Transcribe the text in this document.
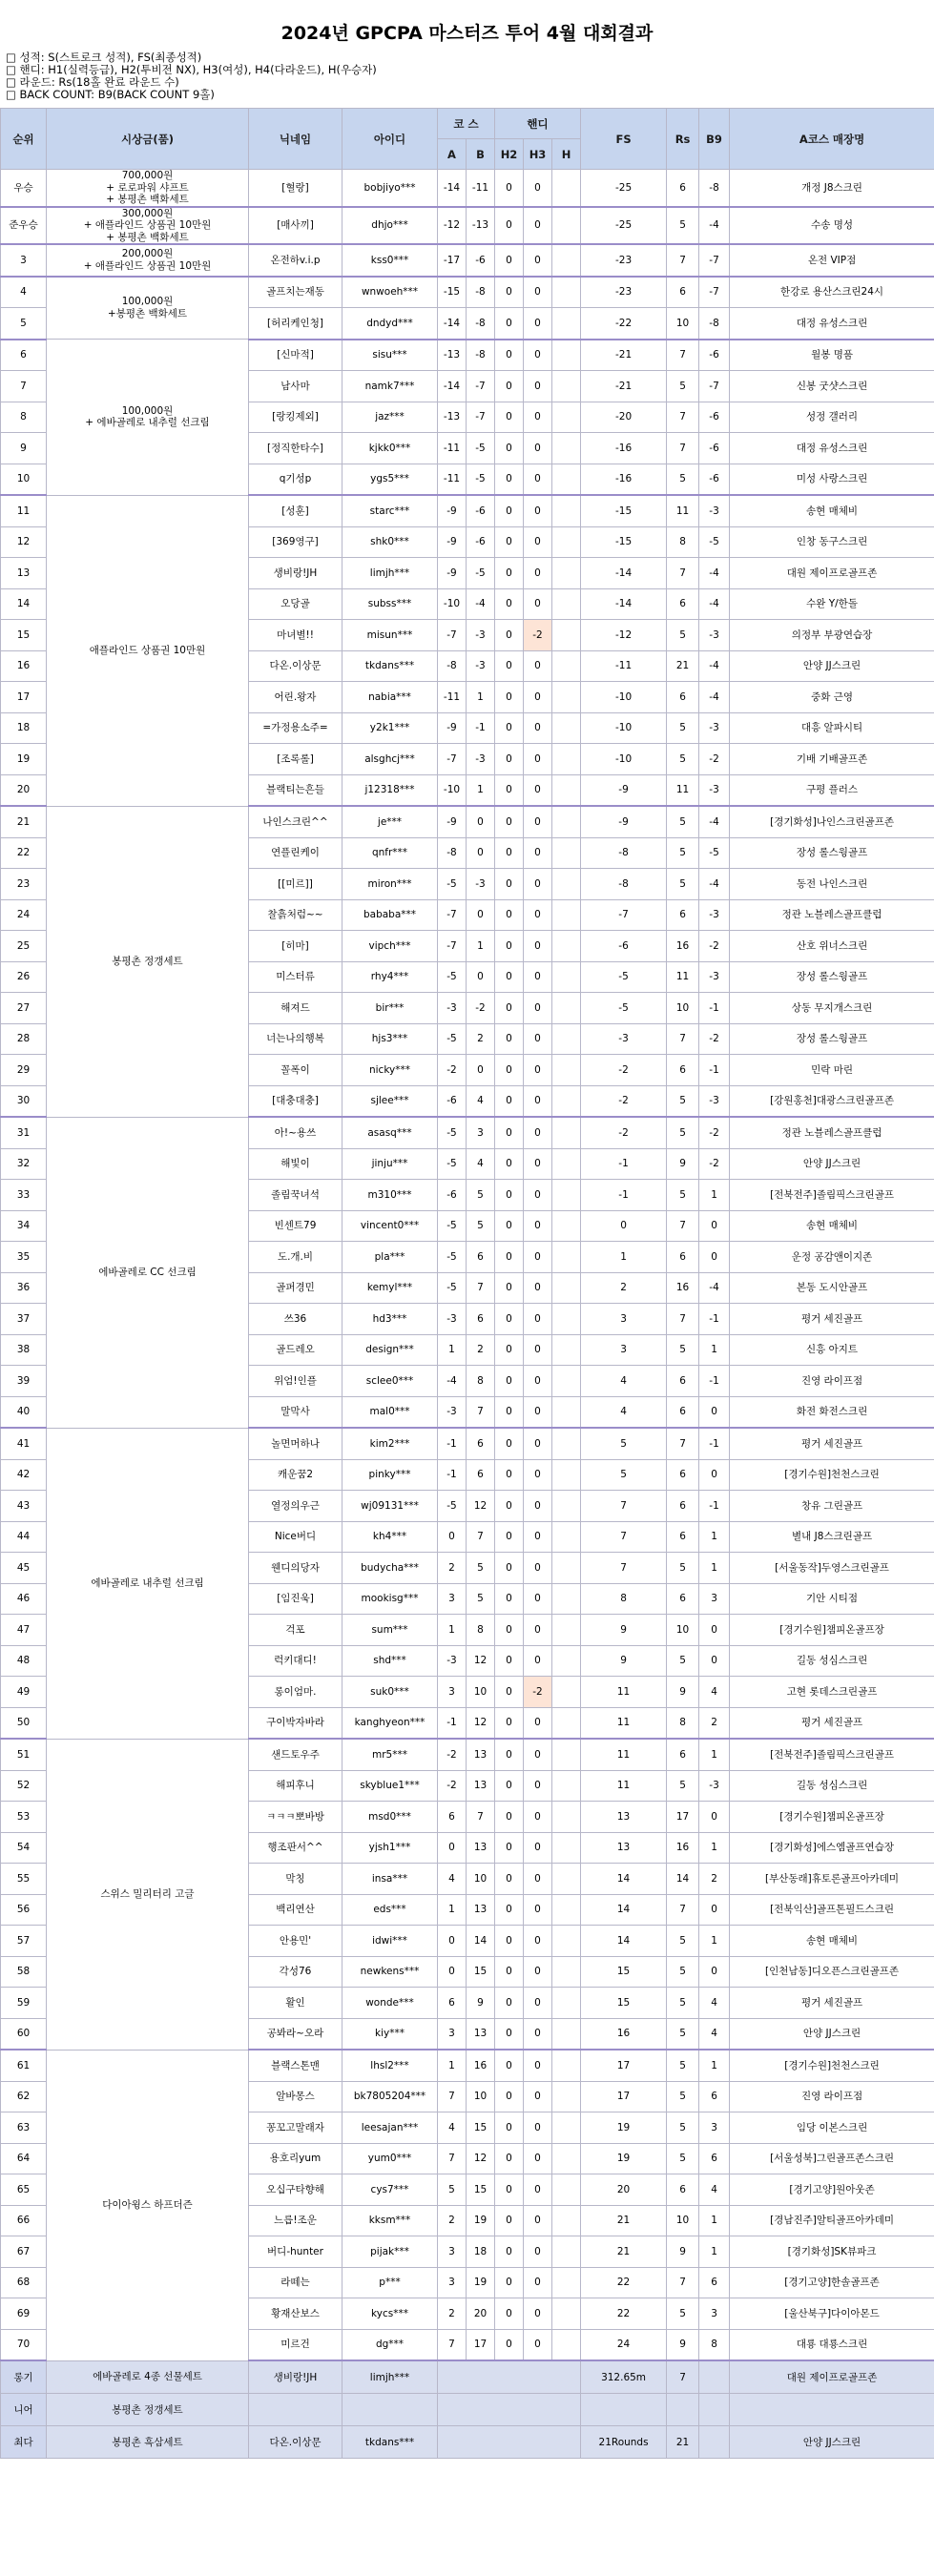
2024년 GPCPA 마스터즈 투어 4월 대회결과
□ 성적: S(스트로크 성적), FS(최종성적)
□ 핸디: H1(실력등급), H2(투비전 NX), H3(여성), H4(다라운드), H(우승자)
□ 라운드: Rs(18홀 완료 라운드 수)
□ BACK COUNT: B9(BACK COUNT 9홀)
순위	시상금(품)	닉네임	아이디	코 스		핸디			FS	Rs	B9	A코스 매장명
				A	B	H2	H3	H				
우승	700,000원
+ 로로파워 샤프트
+ 봉평촌 백화세트	[혈랑]	bobjiyo***	-14	-11	0	0		-25	6	-8	개정 J8스크린
준우승	300,000원
+ 애플라인드 상품권 10만원
+ 봉평촌 백화세트	[매사끼]	dhjo***	-12	-13	0	0		-25	5	-4	수송 명성
3	200,000원
+ 애플라인드 상품권 10만원	온전하v.i.p	kss0***	-17	-6	0	0		-23	7	-7	온전 VIP점
4	100,000원
+봉평촌 백화세트	골프치는재동	wnwoeh***	-15	-8	0	0		-23	6	-7	한강로 용산스크린24시
5		[허리케인청]	dndyd***	-14	-8	0	0		-22	10	-8	대정 유성스크린
6	100,000원
+ 에바골레로 내추럴 선크림	[신마적]	sisu***	-13	-8	0	0		-21	7	-6	월봉 명품
7		남사마	namk7***	-14	-7	0	0		-21	5	-7	신봉 굿샷스크린
8		[랑킹제외]	jaz***	-13	-7	0	0		-20	7	-6	성정 갤러리
9		[정직한타수]	kjkk0***	-11	-5	0	0		-16	7	-6	대정 유성스크린
10		q기성p	ygs5***	-11	-5	0	0		-16	5	-6	미성 사랑스크린
11	애플라인드 상품권 10만원	[성훈]	starc***	-9	-6	0	0		-15	11	-3	송현 매체비
12		[369영구]	shk0***	-9	-6	0	0		-15	8	-5	인창 동구스크린
13		생비랑!JH	limjh***	-9	-5	0	0		-14	7	-4	대원 제이프로골프존
14		오당골	subss***	-10	-4	0	0		-14	6	-4	수완 Y/한돌
15		마녀별!!	misun***	-7	-3	0	-2		-12	5	-3	의정부 부광연습장
16		다온.이상문	tkdans***	-8	-3	0	0		-11	21	-4	안양 JJ스크린
17		어린.왕자	nabia***	-11	1	0	0		-10	6	-4	중화 근영
18		=가정용소주=	y2k1***	-9	-1	0	0		-10	5	-3	대흥 알파시티
19		[조록롤]	alsghcj***	-7	-3	0	0		-10	5	-2	기배 기배골프존
20		블랙티는흔들	j12318***	-10	1	0	0		-9	11	-3	구평 플러스
21	봉평촌 정갱세트	나인스크린^^	je***	-9	0	0	0		-9	5	-4	[경기화성]나인스크린골프존
22		연플린케이	qnfr***	-8	0	0	0		-8	5	-5	장성 롤스웡골프
23		[[미르]]	miron***	-5	-3	0	0		-8	5	-4	동전 나인스크린
24		찰흙처럼~~	bababa***	-7	0	0	0		-7	6	-3	정관 노블레스골프클럽
25		[히마]	vipch***	-7	1	0	0		-6	16	-2	산호 위너스크린
26		미스터류	rhy4***	-5	0	0	0		-5	11	-3	장성 롤스웡골프
27		해져드	bir***	-3	-2	0	0		-5	10	-1	상동 무지개스크린
28		너는나의행복	hjs3***	-5	2	0	0		-3	7	-2	장성 롤스웡골프
29		꼴폭이	nicky***	-2	0	0	0		-2	6	-1	민락 마린
30		[대충대충]	sjlee***	-6	4	0	0		-2	5	-3	[강원홍천]대광스크린골프존
31	에바골레로 CC 선크림	아!~용쓰	asasq***	-5	3	0	0		-2	5	-2	정관 노블레스골프클럽
32		해빛이	jinju***	-5	4	0	0		-1	9	-2	안양 JJ스크린
33		졸림꾹녀석	m310***	-6	5	0	0		-1	5	1	[전북전주]졸림픽스크린골프
34		빈센트79	vincent0***	-5	5	0	0		0	7	0	송현 매체비
35		도.개.비	pla***	-5	6	0	0		1	6	0	운정 공감앤이지존
36		골퍼경민	kemyl***	-5	7	0	0		2	16	-4	본동 도시안골프
37		쓰36	hd3***	-3	6	0	0		3	7	-1	평거 세진골프
38		골드레오	design***	1	2	0	0		3	5	1	신흥 아지트
39		위엄!인플	sclee0***	-4	8	0	0		4	6	-1	진영 라이프점
40		말막사	mal0***	-3	7	0	0		4	6	0	화전 화전스크린
41	에바골레로 내추럴 선크림	놀면머하나	kim2***	-1	6	0	0		5	7	-1	평거 세진골프
42		캐운꿈2	pinky***	-1	6	0	0		5	6	0	[경기수원]천천스크린
43		열정의우근	wj09131***	-5	12	0	0		7	6	-1	창유 그린골프
44		Nice버디	kh4***	0	7	0	0		7	6	1	별내 J8스크린골프
45		웬디의당자	budycha***	2	5	0	0		7	5	1	[서울동작]두영스크린골프
46		[임진욱]	mookisg***	3	5	0	0		8	6	3	기안 시티점
47		걱포	sum***	1	8	0	0		9	10	0	[경기수원]챔피온골프장
48		럭키대디!	shd***	-3	12	0	0		9	5	0	길동 성심스크린
49		롱이엄마.	suk0***	3	10	0	-2		11	9	4	고현 롯데스크린골프
50		구이박자바라	kanghyeon***	-1	12	0	0		11	8	2	평거 세진골프
51	스위스 밀리터리 고글	샌드토우주	mr5***	-2	13	0	0		11	6	1	[전북전주]졸림픽스크린골프
52		해피후니	skyblue1***	-2	13	0	0		11	5	-3	길동 성심스크린
53		ㅋㅋㅋ뽀바방	msd0***	6	7	0	0		13	17	0	[경기수원]챔피온골프장
54		행조판서^^	yjsh1***	0	13	0	0		13	16	1	[경기화성]에스엠골프연습장
55		막칭	insa***	4	10	0	0		14	14	2	[부산동래]휴토론골프아카데미
56		백리연산	eds***	1	13	0	0		14	7	0	[전북익산]골프톤필드스크린
57		안용민'	idwi***	0	14	0	0		14	5	1	송현 매체비
58		각성76	newkens***	0	15	0	0		15	5	0	[인천남동]디오픈스크린골프존
59		활인	wonde***	6	9	0	0		15	5	4	평거 세진골프
60		공봐라~오라	kiy***	3	13	0	0		16	5	4	안양 JJ스크린
61	다이아윙스 하프더즌	블랙스톤맨	lhsl2***	1	16	0	0		17	5	1	[경기수원]천천스크린
62		알바몽스	bk7805204***	7	10	0	0		17	5	6	진영 라이프점
63		꽁꼬고말래자	leesajan***	4	15	0	0		19	5	3	임당 이본스크린
64		용호리yum	yum0***	7	12	0	0		19	5	6	[서울성북]그린골프존스크린
65		오십구타향해	cys7***	5	15	0	0		20	6	4	[경기고양]원아웃존
66		느릅!조운	kksm***	2	19	0	0		21	10	1	[경남진주]알티골프아카데미
67		버디-hunter	pijak***	3	18	0	0		21	9	1	[경기화성]SK뷰파크
68		라떼는	p***	3	19	0	0		22	7	6	[경기고양]한솔골프존
69		황재산보스	kycs***	2	20	0	0		22	5	3	[울산북구]다이아몬드
70		미르건	dg***	7	17	0	0		24	9	8	대룡 대룡스크린
롱기	에바골레로 4종 선물세트	생비랑!JH	limjh***						312.65m	7		대원 제이프로골프존
니어	봉평촌 정갱세트											
최다	봉평촌 흑삼세트	다온.이상문	tkdans***						21Rounds	21		안양 JJ스크린
